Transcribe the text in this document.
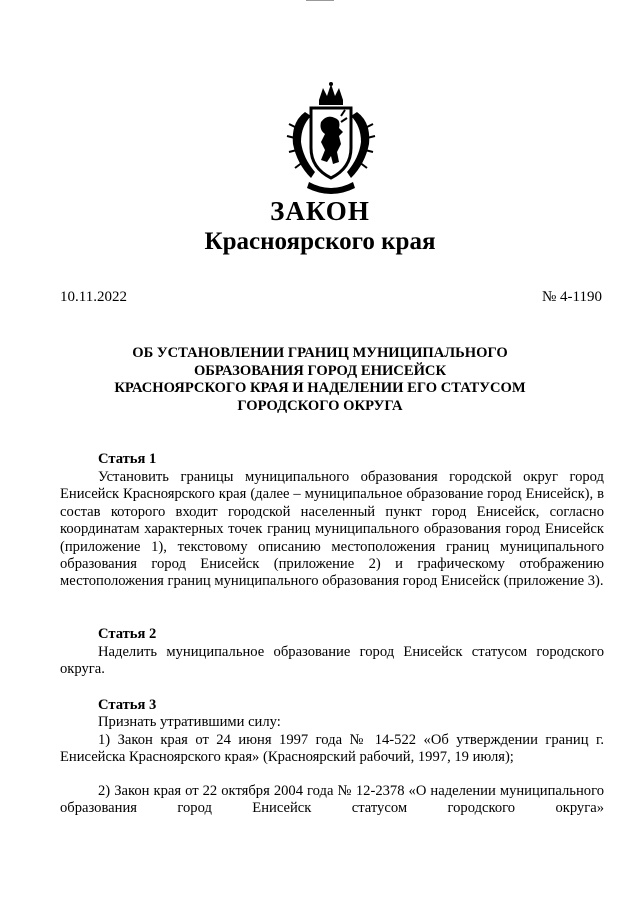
ЗАКОН
Красноярского края
10.11.2022	№ 4-1190
ОБ УСТАНОВЛЕНИИ ГРАНИЦ МУНИЦИПАЛЬНОГО
ОБРАЗОВАНИЯ ГОРОД ЕНИСЕЙСК
КРАСНОЯРСКОГО КРАЯ И НАДЕЛЕНИИ ЕГО СТАТУСОМ
ГОРОДСКОГО ОКРУГА
Статья 1

Установить границы муниципального образования городской округ город Енисейск Красноярского края (далее – муниципальное образование город Енисейск), в состав которого входит городской населенный пункт город Енисейск, согласно координатам характерных точек границ муниципального образования город Енисейск (приложение 1), текстовому описанию местоположения границ муниципального образования город Енисейск (приложение 2) и графическому отображению местоположения границ муниципального образования город Енисейск (приложение 3).

Статья 2

Наделить муниципальное образование город Енисейск статусом городского округа.

Статья 3

Признать утратившими силу:

1) Закон края от 24 июня 1997 года № 14-522 «Об утверждении границ г. Енисейска Красноярского края» (Красноярский рабочий, 1997, 19 июля);

2) Закон края от 22 октября 2004 года № 12-2378 «О наделении муниципального образования город Енисейск статусом городского округа»
